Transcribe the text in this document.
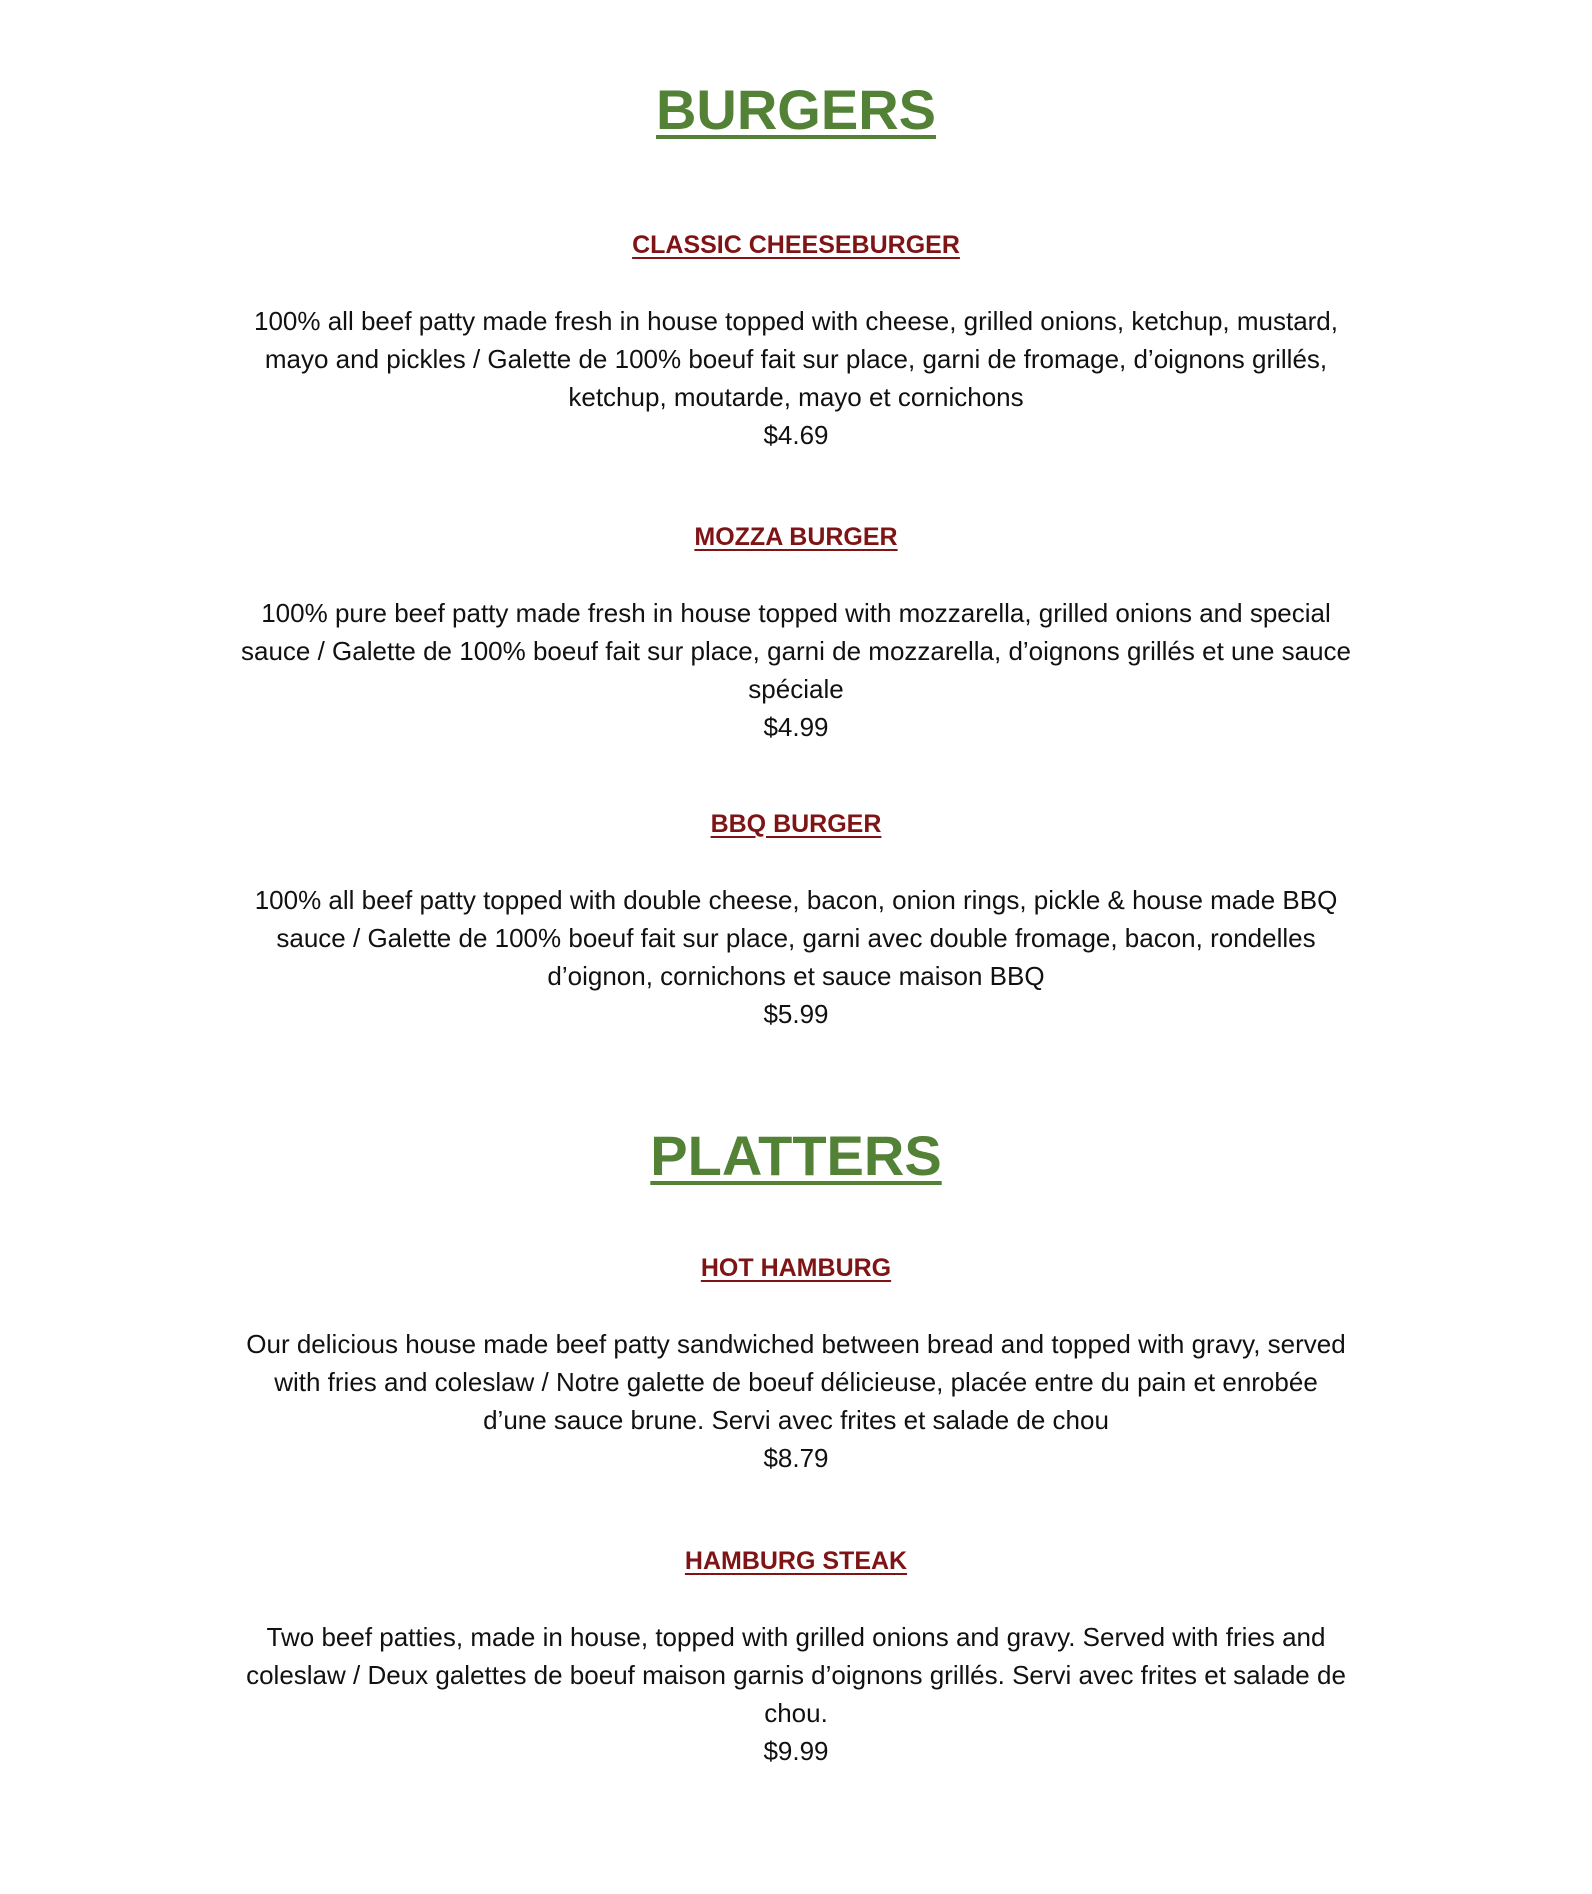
BURGERS

CLASSIC CHEESEBURGER

100% all beef patty made fresh in house topped with cheese, grilled onions, ketchup, mustard, mayo and pickles / Galette de 100% boeuf fait sur place, garni de fromage, d’oignons grillés, ketchup, moutarde, mayo et cornichons

$4.69

MOZZA BURGER

100% pure beef patty made fresh in house topped with mozzarella, grilled onions and special sauce / Galette de 100% boeuf fait sur place, garni de mozzarella, d’oignons grillés et une sauce spéciale

$4.99

BBQ BURGER

100% all beef patty topped with double cheese, bacon, onion rings, pickle & house made BBQ sauce / Galette de 100% boeuf fait sur place, garni avec double fromage, bacon, rondelles d’oignon, cornichons et sauce maison BBQ

$5.99

PLATTERS

HOT HAMBURG

Our delicious house made beef patty sandwiched between bread and topped with gravy, served with fries and coleslaw / Notre galette de boeuf délicieuse, placée entre du pain et enrobée d’une sauce brune. Servi avec frites et salade de chou

$8.79

HAMBURG STEAK

Two beef patties, made in house, topped with grilled onions and gravy. Served with fries and coleslaw / Deux galettes de boeuf maison garnis d’oignons grillés. Servi avec frites et salade de chou.

$9.99
